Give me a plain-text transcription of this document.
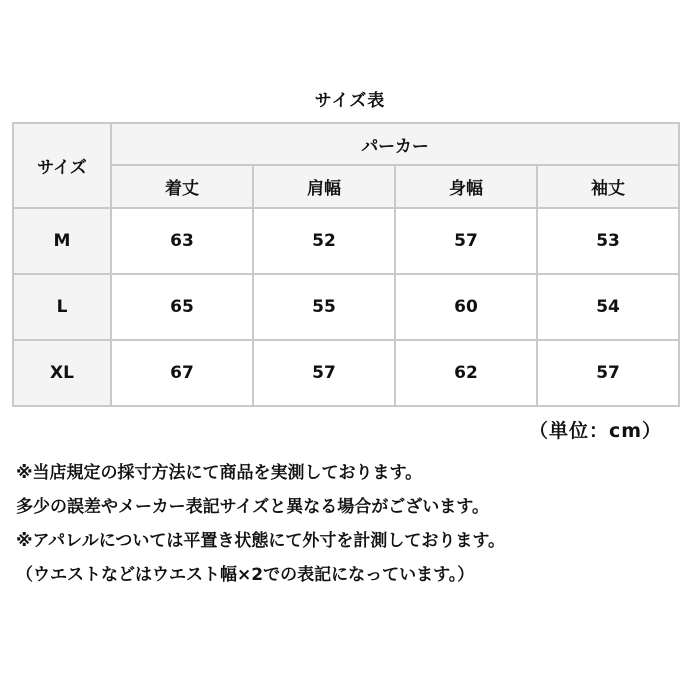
サイズ表
サイズ	パーカー			
	着丈	肩幅	身幅	袖丈
M	63	52	57	53
L	65	55	60	54
XL	67	57	62	57
（単位：cm）
※当店規定の採寸方法にて商品を実測しております。
多少の誤差やメーカー表記サイズと異なる場合がございます。
※アパレルについては平置き状態にて外寸を計測しております。
（ウエストなどはウエスト幅×2での表記になっています。）
